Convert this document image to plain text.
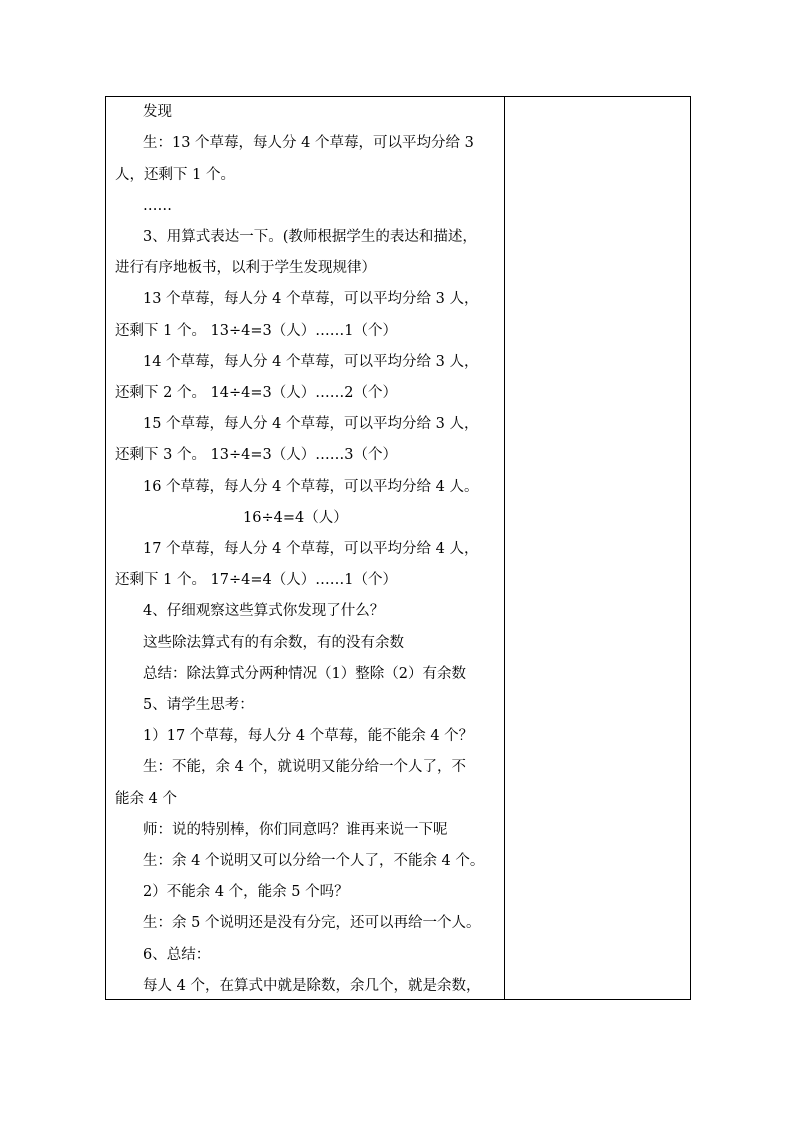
发现
生：13 个草莓，每人分 4 个草莓，可以平均分给 3
人，还剩下 1 个。
……
3、用算式表达一下。(教师根据学生的表达和描述，
进行有序地板书，以利于学生发现规律）
13 个草莓，每人分 4 个草莓，可以平均分给 3 人，
还剩下 1 个。 13÷4=3（人）……1（个）
14 个草莓，每人分 4 个草莓，可以平均分给 3 人，
还剩下 2 个。 14÷4=3（人）……2（个）
15 个草莓，每人分 4 个草莓，可以平均分给 3 人，
还剩下 3 个。 13÷4=3（人）……3（个）
16 个草莓，每人分 4 个草莓，可以平均分给 4 人。
16÷4=4（人）
17 个草莓，每人分 4 个草莓，可以平均分给 4 人，
还剩下 1 个。 17÷4=4（人）……1（个）
4、仔细观察这些算式你发现了什么？
这些除法算式有的有余数，有的没有余数
总结：除法算式分两种情况（1）整除（2）有余数
5、请学生思考：
1）17 个草莓，每人分 4 个草莓，能不能余 4 个？
生：不能，余 4 个，就说明又能分给一个人了，不
能余 4 个
师：说的特别棒，你们同意吗？谁再来说一下呢
生：余 4 个说明又可以分给一个人了，不能余 4 个。
2）不能余 4 个，能余 5 个吗？
生：余 5 个说明还是没有分完，还可以再给一个人。
6、总结：
每人 4 个，在算式中就是除数，余几个，就是余数，
